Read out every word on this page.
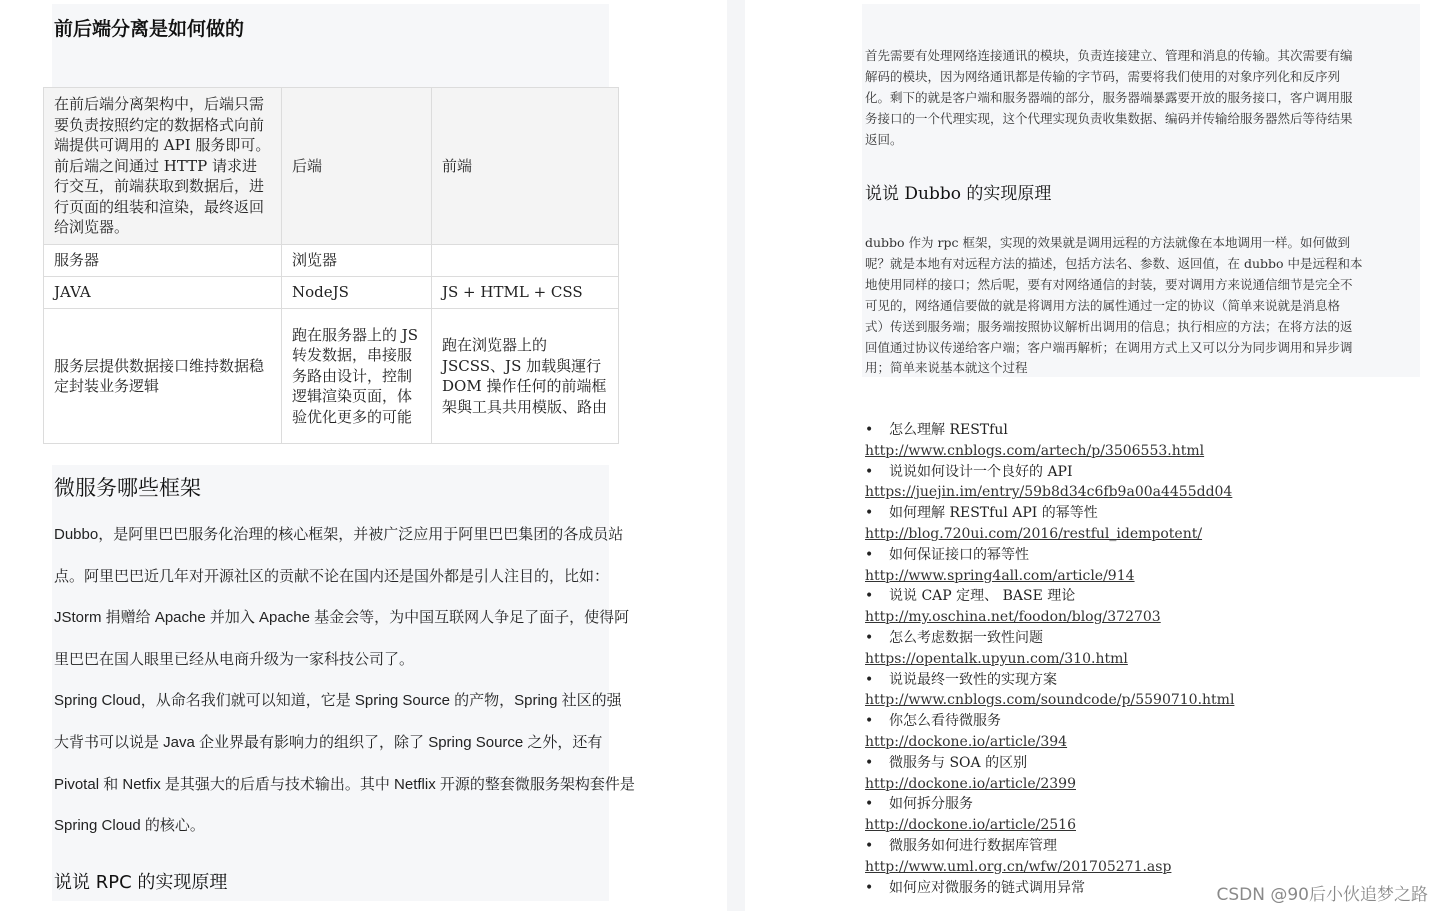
前后端分离是如何做的
在前后端分离架构中，后端只需要负责按照约定的数据格式向前端提供可调用的 API 服务即可。前后端之间通过 HTTP 请求进行交互，前端获取到数据后，进行页面的组装和渲染，最终返回给浏览器。	后端	前端
服务器	浏览器	
JAVA	NodeJS	JS + HTML + CSS
服务层提供数据接口维持数据稳定封装业务逻辑	跑在服务器上的 JS 转发数据，串接服务路由设计，控制逻辑渲染页面，体验优化更多的可能	跑在浏览器上的 JSCSS、JS 加载與運行 DOM 操作任何的前端框架與工具共用模版、路由
微服务哪些框架
Dubbo，是阿里巴巴服务化治理的核心框架，并被广泛应用于阿里巴巴集团的各成员站
点。阿里巴巴近几年对开源社区的贡献不论在国内还是国外都是引人注目的，比如：
JStorm 捐赠给 Apache 并加入 Apache 基金会等，为中国互联网人争足了面子，使得阿
里巴巴在国人眼里已经从电商升级为一家科技公司了。
Spring Cloud，从命名我们就可以知道，它是 Spring Source 的产物，Spring 社区的强
大背书可以说是 Java 企业界最有影响力的组织了，除了 Spring Source 之外，还有
Pivotal 和 Netfix 是其强大的后盾与技术输出。其中 Netflix 开源的整套微服务架构套件是
Spring Cloud 的核心。
说说 RPC 的实现原理
首先需要有处理网络连接通讯的模块，负责连接建立、管理和消息的传输。其次需要有编
解码的模块，因为网络通讯都是传输的字节码，需要将我们使用的对象序列化和反序列
化。剩下的就是客户端和服务器端的部分，服务器端暴露要开放的服务接口，客户调用服
务接口的一个代理实现，这个代理实现负责收集数据、编码并传输给服务器然后等待结果
返回。
说说 Dubbo 的实现原理
dubbo 作为 rpc 框架，实现的效果就是调用远程的方法就像在本地调用一样。如何做到
呢？就是本地有对远程方法的描述，包括方法名、参数、返回值，在 dubbo 中是远程和本
地使用同样的接口；然后呢，要有对网络通信的封装，要对调用方来说通信细节是完全不
可见的，网络通信要做的就是将调用方法的属性通过一定的协议（简单来说就是消息格
式）传送到服务端；服务端按照协议解析出调用的信息；执行相应的方法；在将方法的返
回值通过协议传递给客户端；客户端再解析；在调用方式上又可以分为同步调用和异步调
用；简单来说基本就这个过程
• 怎么理解 RESTful
http://www.cnblogs.com/artech/p/3506553.html
• 说说如何设计一个良好的 API
https://juejin.im/entry/59b8d34c6fb9a00a4455dd04
• 如何理解 RESTful API 的幂等性
http://blog.720ui.com/2016/restful_idempotent/
• 如何保证接口的幂等性
http://www.spring4all.com/article/914
• 说说 CAP 定理、 BASE 理论
http://my.oschina.net/foodon/blog/372703
• 怎么考虑数据一致性问题
https://opentalk.upyun.com/310.html
• 说说最终一致性的实现方案
http://www.cnblogs.com/soundcode/p/5590710.html
• 你怎么看待微服务
http://dockone.io/article/394
• 微服务与 SOA 的区别
http://dockone.io/article/2399
• 如何拆分服务
http://dockone.io/article/2516
• 微服务如何进行数据库管理
http://www.uml.org.cn/wfw/201705271.asp
• 如何应对微服务的链式调用异常	CSDN @90后小伙追梦之路
